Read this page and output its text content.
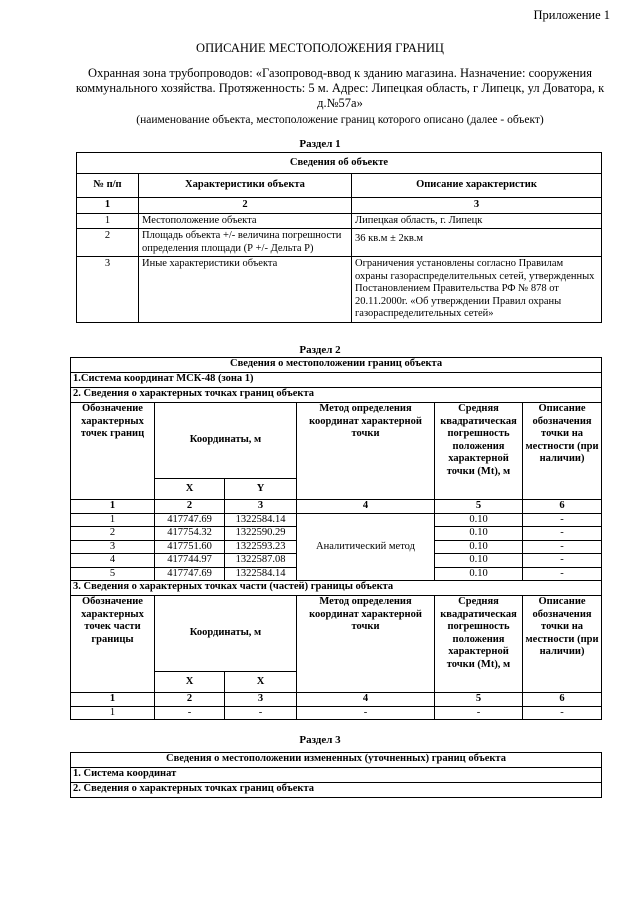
Приложение 1
ОПИСАНИЕ МЕСТОПОЛОЖЕНИЯ ГРАНИЦ
Охранная зона трубопроводов: «Газопровод-ввод к зданию магазина. Назначение: сооружения коммунального хозяйства. Протяженность: 5 м. Адрес: Липецкая область, г Липецк, ул Доватора, к д.№57а»
(наименование объекта, местоположение границ которого описано (далее - объект)
Раздел 1
Сведения об объекте		
№ п/п	Характеристики объекта	Описание характеристик
1	2	3
1	Местоположение объекта	Липецкая область, г. Липецк
2	Площадь объекта +/- величина погрешности определения площади (Р +/- Дельта Р)	36 кв.м ± 2кв.м
3	Иные характеристики объекта	Ограничения установлены согласно Правилам охраны газораспределительных сетей, утвержденных Постановлением Правительства РФ № 878 от 20.11.2000г. «Об утверждении Правил охраны газораспределительных сетей»
Раздел 2
Сведения о местоположении границ объекта					
1.Система координат МСК-48 (зона 1)					
2. Сведения о характерных точках границ объекта					
Обозначение характерных точек границ	Координаты, м		Метод определения координат характерной точки	Средняя квадратическая погрешность положения характерной точки (Mt), м	Описание обозначения точки на местности (при наличии)
	X	Y			
1	2	3	4	5	6
1	417747.69	1322584.14	Аналитический метод	0.10	-
2	417754.32	1322590.29		0.10	-
3	417751.60	1322593.23		0.10	-
4	417744.97	1322587.08		0.10	-
5	417747.69	1322584.14		0.10	-
3. Сведения о характерных точках части (частей) границы объекта					
Обозначение характерных точек части границы	Координаты, м		Метод определения координат характерной точки	Средняя квадратическая погрешность положения характерной точки (Mt), м	Описание обозначения точки на местности (при наличии)
	X	X			
1	2	3	4	5	6
1	-	-	-	-	-
Раздел 3
Сведения о местоположении измененных (уточненных) границ объекта
1. Система координат
2. Сведения о характерных точках границ объекта
